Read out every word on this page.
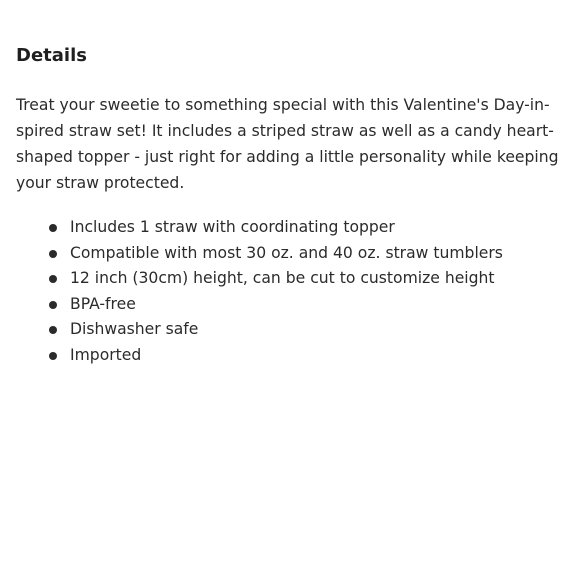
Details

Treat your sweetie to something special with this Valentine's Day-in-
spired straw set! It includes a striped straw as well as a candy heart-
shaped topper - just right for adding a little personality while keeping
your straw protected.

Includes 1 straw with coordinating topper
Compatible with most 30 oz. and 40 oz. straw tumblers
12 inch (30cm) height, can be cut to customize height
BPA-free
Dishwasher safe
Imported
